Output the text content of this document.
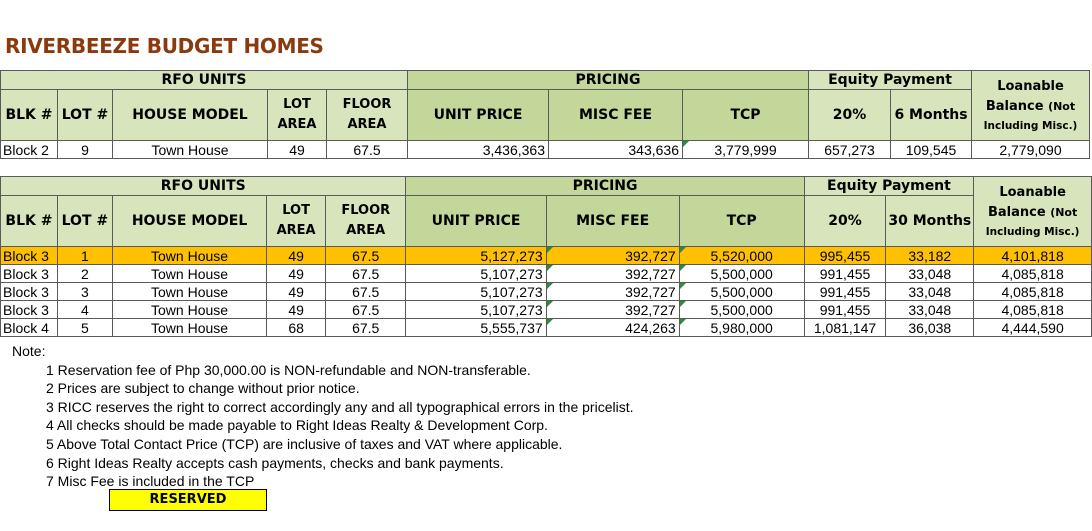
RIVERBEEZE BUDGET HOMES
RFO UNITS					PRICING			Equity Payment		Loanable
Balance (Not
Including Misc.)

BLK #	LOT #	HOUSE MODEL	LOT
AREA	FLOOR
AREA	UNIT PRICE	MISC FEE	TCP	20%	6 Months	
Block 2	9	Town House	49	67.5	3,436,363	343,636	3,779,999	657,273	109,545	2,779,090
RFO UNITS					PRICING			Equity Payment		Loanable
Balance (Not
Including Misc.)

BLK #	LOT #	HOUSE MODEL	LOT
AREA	FLOOR
AREA	UNIT PRICE	MISC FEE	TCP	20%	30 Months	
Block 3	1	Town House	49	67.5	5,127,273	392,727	5,520,000	995,455	33,182	4,101,818
Block 3	2	Town House	49	67.5	5,107,273	392,727	5,500,000	991,455	33,048	4,085,818
Block 3	3	Town House	49	67.5	5,107,273	392,727	5,500,000	991,455	33,048	4,085,818
Block 3	4	Town House	49	67.5	5,107,273	392,727	5,500,000	991,455	33,048	4,085,818
Block 4	5	Town House	68	67.5	5,555,737	424,263	5,980,000	1,081,147	36,038	4,444,590
Note:
1 Reservation fee of Php 30,000.00 is NON-refundable and NON-transferable.
2 Prices are subject to change without prior notice.
3 RICC reserves the right to correct accordingly any and all typographical errors in the pricelist.
4 All checks should be made payable to Right Ideas Realty & Development Corp.
5 Above Total Contact Price (TCP) are inclusive of taxes and VAT where applicable.
6 Right Ideas Realty accepts cash payments, checks and bank payments.
7 Misc Fee is included in the TCP
RESERVED
